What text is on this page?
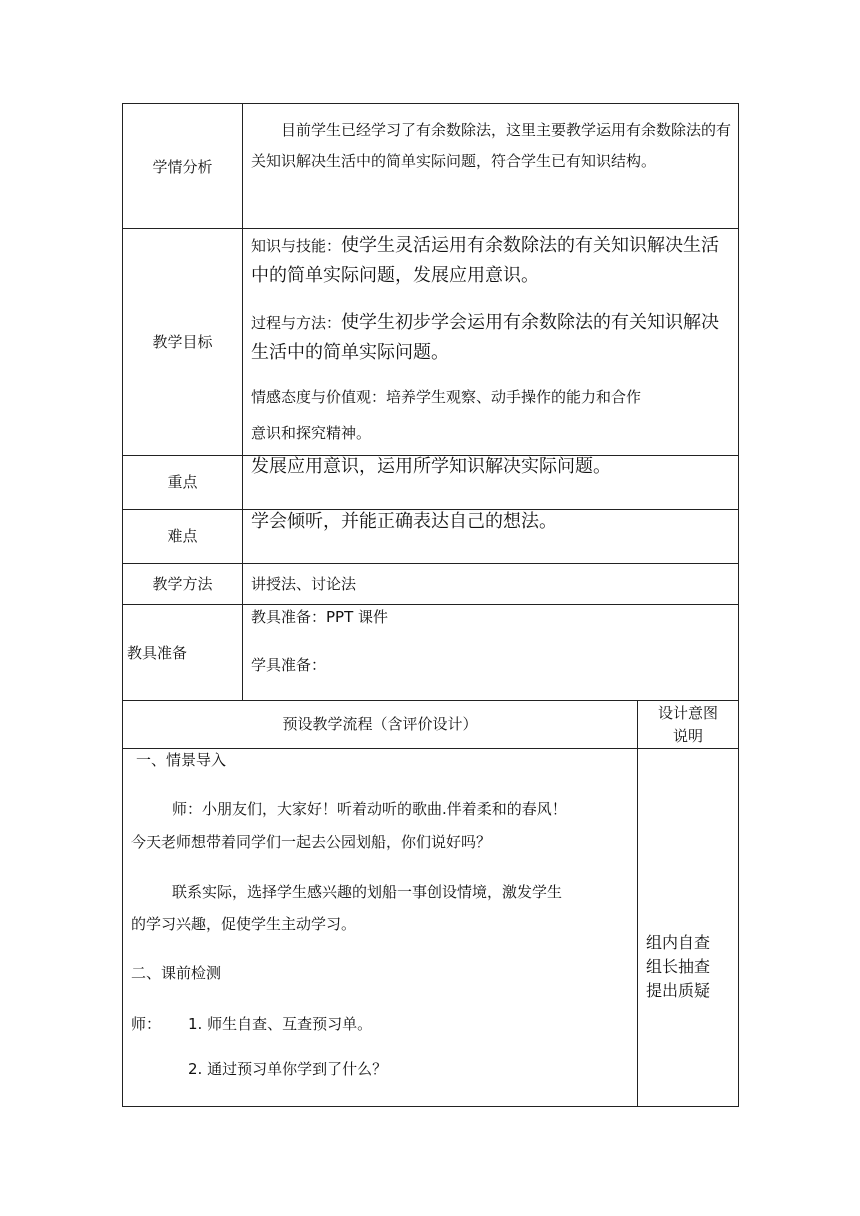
学情分析
目前学生已经学习了有余数除法，这里主要教学运用有余数除法的有关知识解决生活中的简单实际问题，符合学生已有知识结构。
教学目标
知识与技能：使学生灵活运用有余数除法的有关知识解决生活中的简单实际问题，发展应用意识。
过程与方法：使学生初步学会运用有余数除法的有关知识解决生活中的简单实际问题。
情感态度与价值观：培养学生观察、动手操作的能力和合作
意识和探究精神。
重点
发展应用意识，运用所学知识解决实际问题。
难点
学会倾听，并能正确表达自己的想法。
教学方法	讲授法、讨论法
教具准备
教具准备：PPT 课件
学具准备：
预设教学流程（含评价设计）
设计意图
说明
一、情景导入
师：小朋友们，大家好！听着动听的歌曲.伴着柔和的春风！
今天老师想带着同学们一起去公园划船，你们说好吗？
联系实际，选择学生感兴趣的划船一事创设情境，激发学生
的学习兴趣，促使学生主动学习。
二、课前检测
师： 1. 师生自查、互查预习单。
2. 通过预习单你学到了什么？
组内自查
组长抽查
提出质疑
